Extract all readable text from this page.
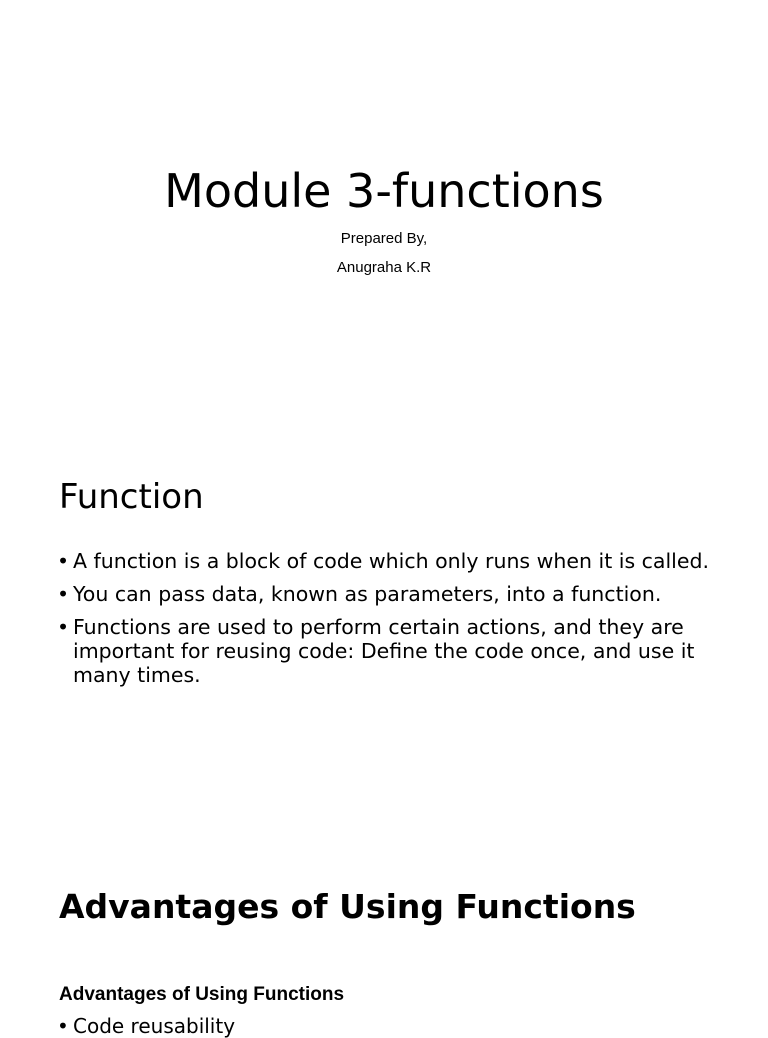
Module 3-functions
Prepared By,
Anugraha K.R
Function
• A function is a block of code which only runs when it is called.
• You can pass data, known as parameters, into a function.
• Functions are used to perform certain actions, and they are important for reusing code: Define the code once, and use it many times.
Advantages of Using Functions
Advantages of Using Functions
• Code reusability
